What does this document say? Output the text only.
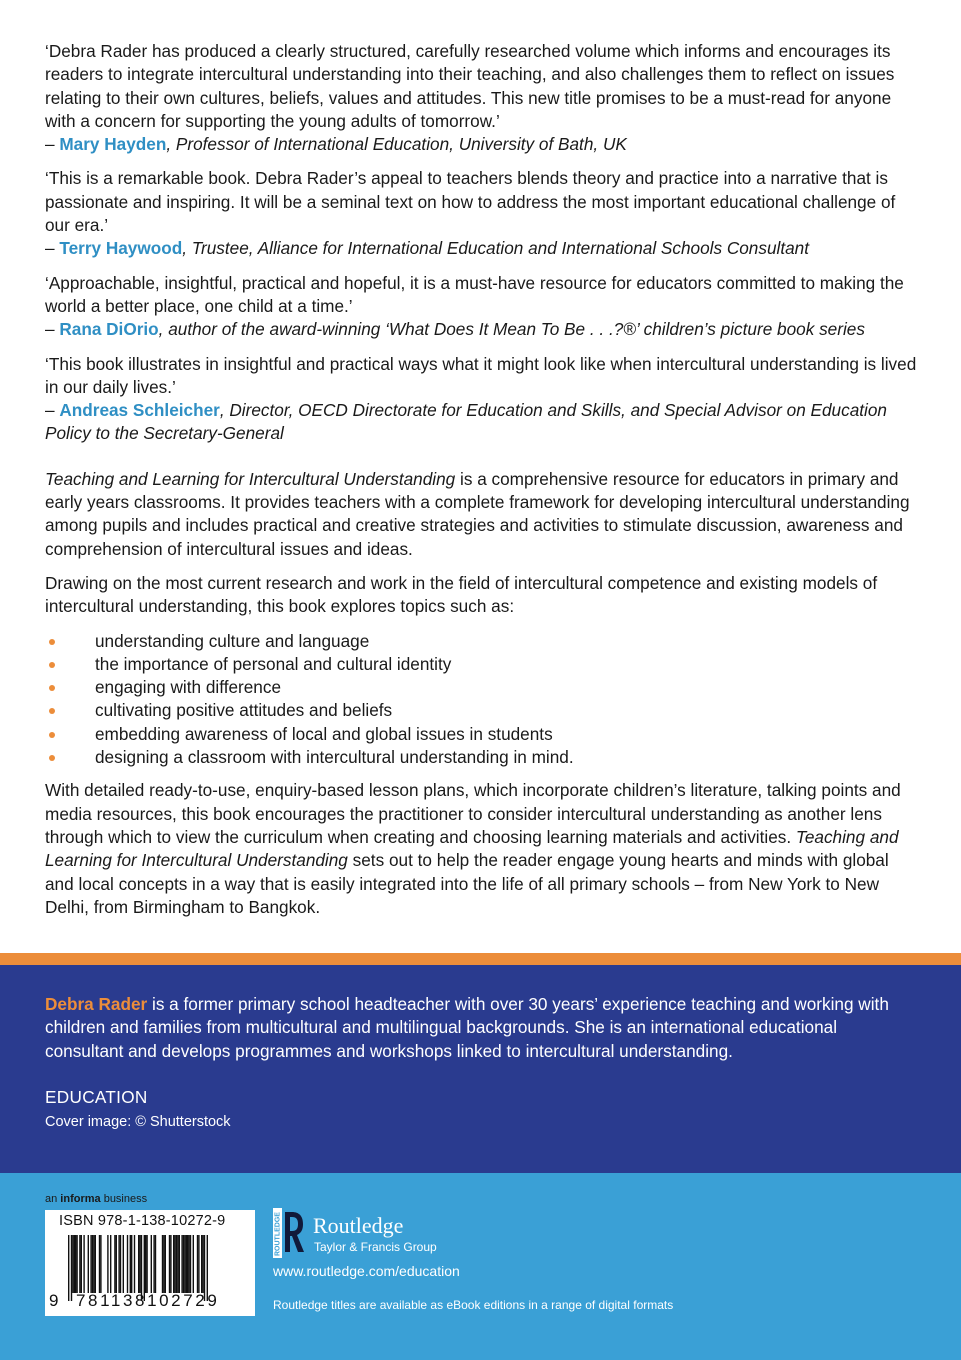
‘Debra Rader has produced a clearly structured, carefully researched volume which informs and encourages its readers to integrate intercultural understanding into their teaching, and also challenges them to reflect on issues relating to their own cultures, beliefs, values and attitudes. This new title promises to be a must-read for anyone with a concern for supporting the young adults of tomorrow.’
– Mary Hayden, Professor of International Education, University of Bath, UK

‘This is a remarkable book. Debra Rader’s appeal to teachers blends theory and practice into a narrative that is passionate and inspiring. It will be a seminal text on how to address the most important educational challenge of our era.’
– Terry Haywood, Trustee, Alliance for International Education and International Schools Consultant

‘Approachable, insightful, practical and hopeful, it is a must-have resource for educators committed to making the world a better place, one child at a time.’
– Rana DiOrio, author of the award-winning ‘What Does It Mean To Be . . .?®’ children’s picture book series

‘This book illustrates in insightful and practical ways what it might look like when intercultural understanding is lived in our daily lives.’
– Andreas Schleicher, Director, OECD Directorate for Education and Skills, and Special Advisor on Education Policy to the Secretary-General

Teaching and Learning for Intercultural Understanding is a comprehensive resource for educators in primary and early years classrooms. It provides teachers with a complete framework for developing intercultural understanding among pupils and includes practical and creative strategies and activities to stimulate discussion, awareness and comprehension of intercultural issues and ideas.

Drawing on the most current research and work in the field of intercultural competence and existing models of intercultural understanding, this book explores topics such as:

understanding culture and language
the importance of personal and cultural identity
engaging with difference
cultivating positive attitudes and beliefs
embedding awareness of local and global issues in students
designing a classroom with intercultural understanding in mind.

With detailed ready-to-use, enquiry-based lesson plans, which incorporate children’s literature, talking points and media resources, this book encourages the practitioner to consider intercultural understanding as another lens through which to view the curriculum when creating and choosing learning materials and activities. Teaching and Learning for Intercultural Understanding sets out to help the reader engage young hearts and minds with global and local concepts in a way that is easily integrated into the life of all primary schools – from New York to New Delhi, from Birmingham to Bangkok.

Debra Rader is a former primary school headteacher with over 30 years’ experience teaching and working with children and families from multicultural and multilingual backgrounds. She is an international educational consultant and develops programmes and workshops linked to intercultural understanding.

EDUCATION
Cover image: © Shutterstock
an informa business
ISBN 978-1-138-10272-9
9 781138102729
ROUTLEDGE Routledge
Taylor & Francis Group
www.routledge.com/education
Routledge titles are available as eBook editions in a range of digital formats
